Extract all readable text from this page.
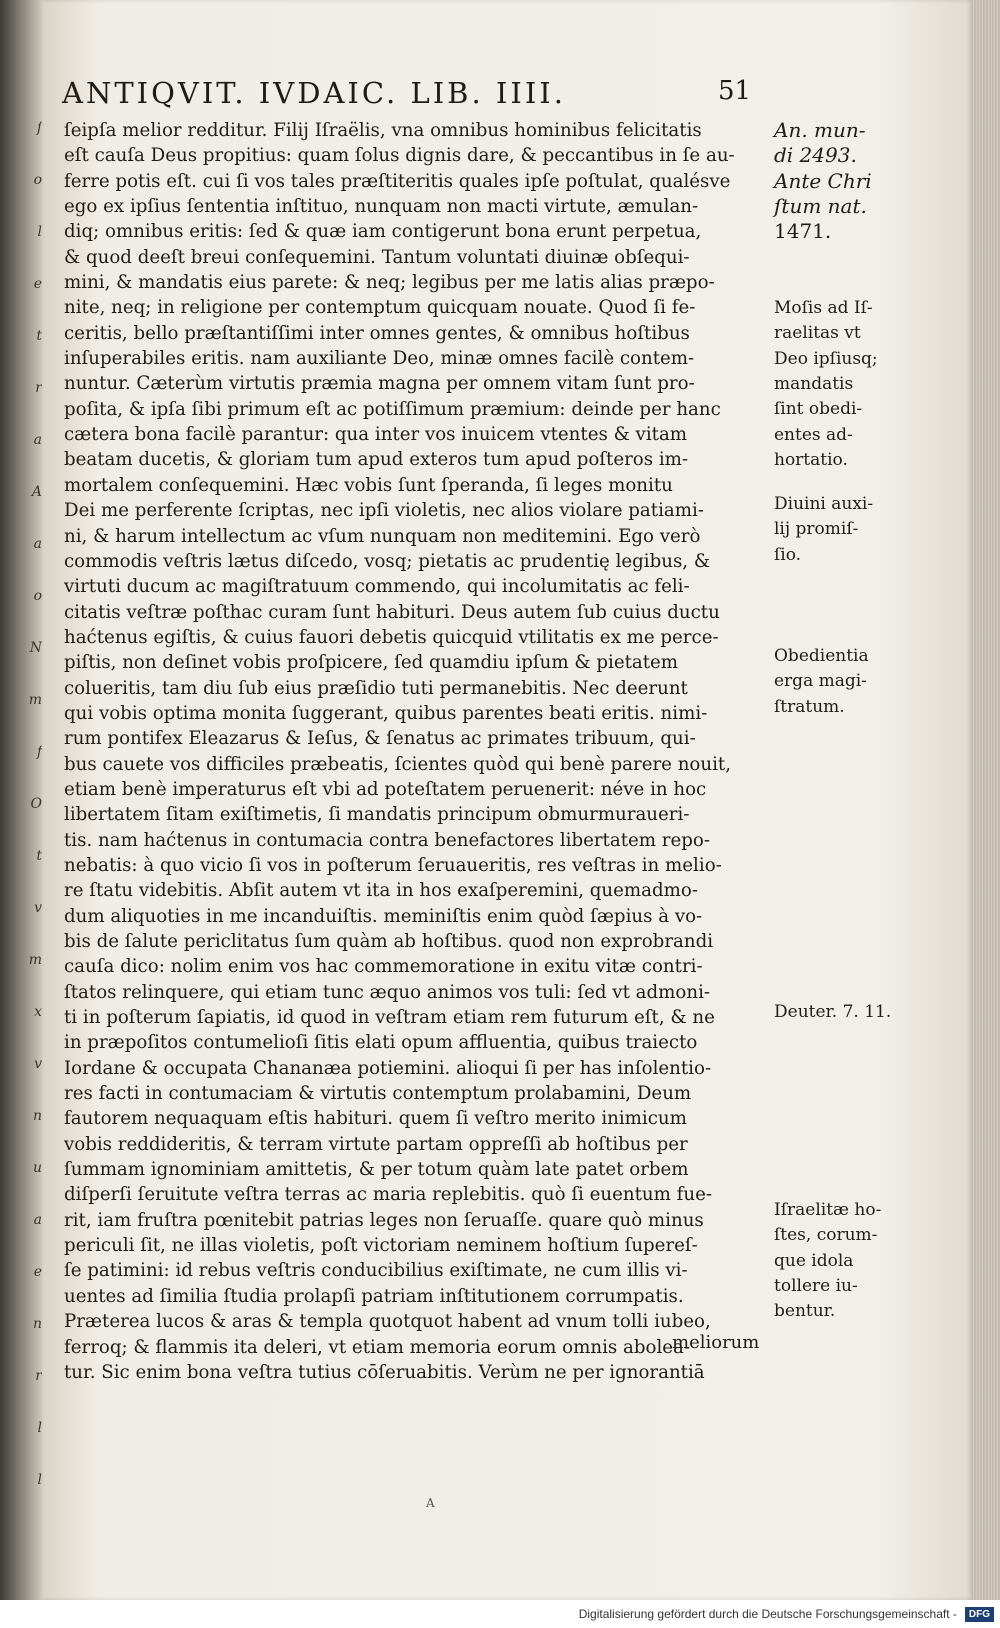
ſ
o
l
e
t
r
a
A
a
o
N
m
f
O
t
v
m
x
v
n
u
a
e
n
r
l
l
ANTIQVIT. IVDAIC. LIB. IIII.	51
ſeipſa melior redditur. Filij Iſraëlis, vna omnibus hominibus felicitatis
eſt cauſa Deus propitius: quam ſolus dignis dare, & peccantibus in ſe au-
ferre potis eſt. cui ſi vos tales præſtiteritis quales ipſe poſtulat, qualésve
ego ex ipſius ſententia inſtituo, nunquam non macti virtute, æmulan-
diq; omnibus eritis: ſed & quæ iam contigerunt bona erunt perpetua,
& quod deeſt breui conſequemini. Tantum voluntati diuinæ obſequi-
mini, & mandatis eius parete: & neq; legibus per me latis alias præpo-
nite, neq; in religione per contemptum quicquam nouate. Quod ſi fe-
ceritis, bello præſtantiſſimi inter omnes gentes, & omnibus hoſtibus
inſuperabiles eritis. nam auxiliante Deo, minæ omnes facilè contem-
nuntur. Cæterùm virtutis præmia magna per omnem vitam ſunt pro-
poſita, & ipſa ſibi primum eſt ac potiſſimum præmium: deinde per hanc
cætera bona facilè parantur: qua inter vos inuicem vtentes & vitam
beatam ducetis, & gloriam tum apud exteros tum apud poſteros im-
mortalem conſequemini. Hæc vobis ſunt ſperanda, ſi leges monitu
Dei me perferente ſcriptas, nec ipſi violetis, nec alios violare patiami-
ni, & harum intellectum ac vſum nunquam non meditemini. Ego verò
commodis veſtris lætus diſcedo, vosq; pietatis ac prudentię legibus, &
virtuti ducum ac magiſtratuum commendo, qui incolumitatis ac feli-
citatis veſtræ poſthac curam ſunt habituri. Deus autem ſub cuius ductu
haćtenus egiſtis, & cuius fauori debetis quicquid vtilitatis ex me perce-
piſtis, non deſinet vobis proſpicere, ſed quamdiu ipſum & pietatem
colueritis, tam diu ſub eius præſidio tuti permanebitis. Nec deerunt
qui vobis optima monita ſuggerant, quibus parentes beati eritis. nimi-
rum pontifex Eleazarus & Ieſus, & ſenatus ac primates tribuum, qui-
bus cauete vos difficiles præbeatis, ſcientes quòd qui benè parere nouit,
etiam benè imperaturus eſt vbi ad poteſtatem peruenerit: néve in hoc
libertatem ſitam exiſtimetis, ſi mandatis principum obmurmuraueri-
tis. nam haćtenus in contumacia contra benefactores libertatem repo-
nebatis: à quo vicio ſi vos in poſterum ſeruaueritis, res veſtras in melio-
re ſtatu videbitis. Abſit autem vt ita in hos exaſperemini, quemadmo-
dum aliquoties in me incanduiſtis. meminiſtis enim quòd ſæpius à vo-
bis de ſalute periclitatus ſum quàm ab hoſtibus. quod non exprobrandi
cauſa dico: nolim enim vos hac commemoratione in exitu vitæ contri-
ſtatos relinquere, qui etiam tunc æquo animos vos tuli: ſed vt admoni-
ti in poſterum ſapiatis, id quod in veſtram etiam rem futurum eſt, & ne
in præpoſitos contumelioſi ſitis elati opum affluentia, quibus traiecto
Iordane & occupata Chananæa potiemini. alioqui ſi per has inſolentio-
res facti in contumaciam & virtutis contemptum prolabamini, Deum
fautorem nequaquam eſtis habituri. quem ſi veſtro merito inimicum
vobis reddideritis, & terram virtute partam oppreſſi ab hoſtibus per
ſummam ignominiam amittetis, & per totum quàm late patet orbem
diſperſi ſeruitute veſtra terras ac maria replebitis. quò ſi euentum fue-
rit, iam fruſtra pœnitebit patrias leges non ſeruaſſe. quare quò minus
periculi ſit, ne illas violetis, poſt victoriam neminem hoſtium ſupereſ-
ſe patimini: id rebus veſtris conducibilius exiſtimate, ne cum illis vi-
uentes ad ſimilia ſtudia prolapſi patriam inſtitutionem corrumpatis.
Præterea lucos & aras & templa quotquot habent ad vnum tolli iubeo,
ferroq; & flammis ita deleri, vt etiam memoria eorum omnis abolea-
tur. Sic enim bona veſtra tutius cōſeruabitis. Verùm ne per ignorantiā
meliorum
An. mun-
di 2493.
Ante Chri
ſtum nat.
1471.
Moſis ad Iſ-
raelitas vt
Deo ipſiusq;
mandatis
ſint obedi-
entes ad-
hortatio.
Diuini auxi-
lij promiſ-
ſio.
Obedientia
erga magi-
ſtratum.
Deuter. 7. 11.
Iſraelitæ ho-
ſtes, corum-
que idola
tollere iu-
bentur.
A
Digitalisierung gefördert durch die Deutsche Forschungsgemeinschaft -	DFG
